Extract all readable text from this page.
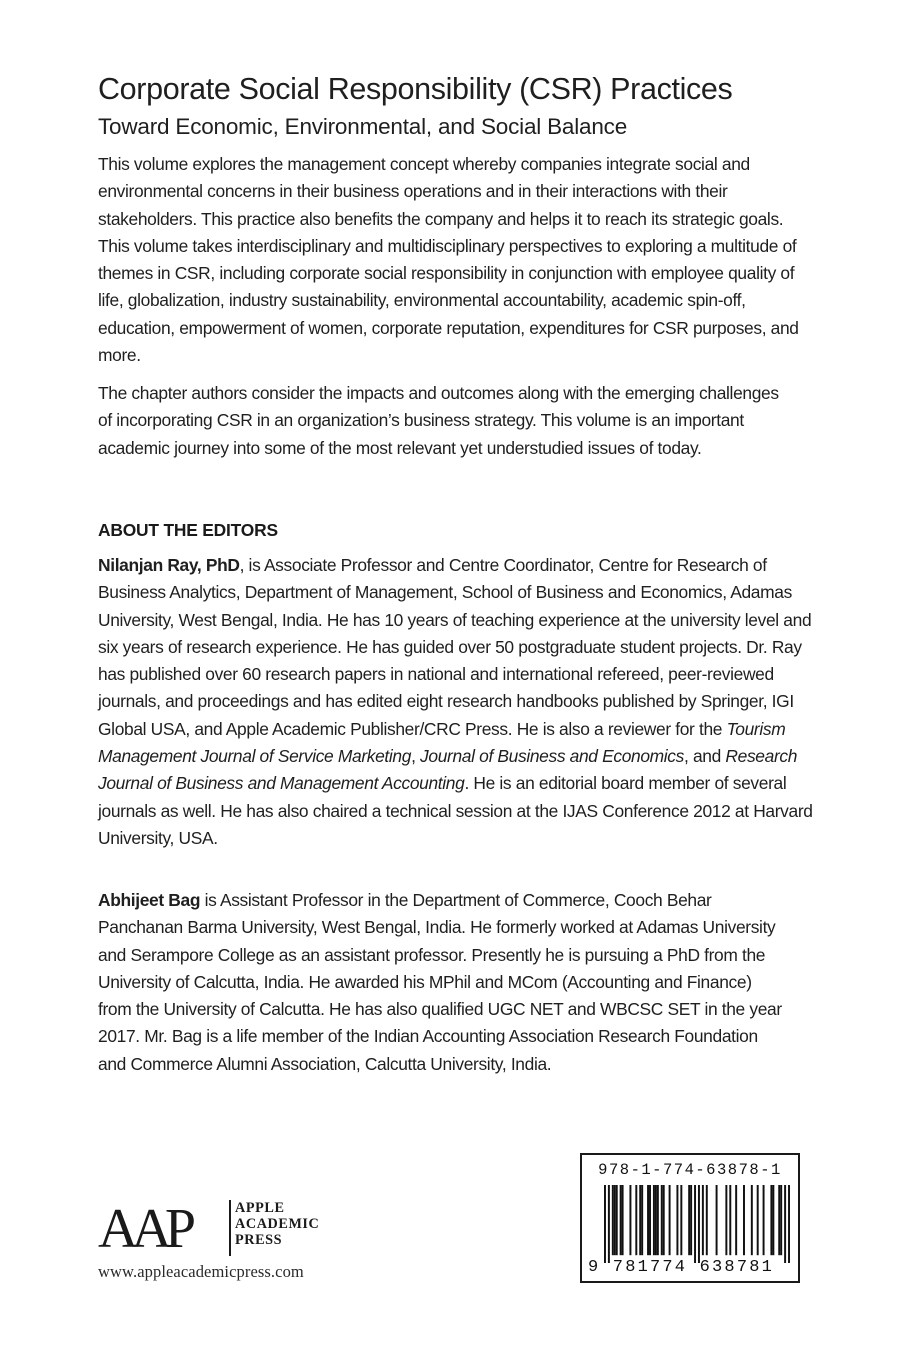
Corporate Social Responsibility (CSR) Practices
Toward Economic, Environmental, and Social Balance

This volume explores the management concept whereby companies integrate social and environmental concerns in their business operations and in their interactions with their stakeholders. This practice also benefits the company and helps it to reach its strategic goals. This volume takes interdisciplinary and multidisciplinary perspectives to exploring a multitude of themes in CSR, including corporate social responsibility in conjunction with employee quality of life, globalization, industry sustainability, environmental accountability, academic spin-off, education, empowerment of women, corporate reputation, expenditures for CSR purposes, and more.

The chapter authors consider the impacts and outcomes along with the emerging challenges of incorporating CSR in an organization’s business strategy. This volume is an important academic journey into some of the most relevant yet understudied issues of today.

ABOUT THE EDITORS

Nilanjan Ray, PhD, is Associate Professor and Centre Coordinator, Centre for Research of Business Analytics, Department of Management, School of Business and Economics, Adamas University, West Bengal, India. He has 10 years of teaching experience at the university level and six years of research experience. He has guided over 50 postgraduate student projects. Dr. Ray has published over 60 research papers in national and international refereed, peer-reviewed journals, and proceedings and has edited eight research handbooks published by Springer, IGI Global USA, and Apple Academic Publisher/CRC Press. He is also a reviewer for the Tourism Management Journal of Service Marketing, Journal of Business and Economics, and Research Journal of Business and Management Accounting. He is an editorial board member of several journals as well. He has also chaired a technical session at the IJAS Conference 2012 at Harvard University, USA.

Abhijeet Bag is Assistant Professor in the Department of Commerce, Cooch Behar Panchanan Barma University, West Bengal, India. He formerly worked at Adamas University and Serampore College as an assistant professor. Presently he is pursuing a PhD from the University of Calcutta, India. He awarded his MPhil and MCom (Accounting and Finance) from the University of Calcutta. He has also qualified UGC NET and WBCSC SET in the year 2017. Mr. Bag is a life member of the Indian Accounting Association Research Foundation and Commerce Alumni Association, Calcutta University, India.

AAP	APPLE
ACADEMIC
PRESS
www.appleacademicpress.com
978-1-774-63878-1
9 781774 638781
